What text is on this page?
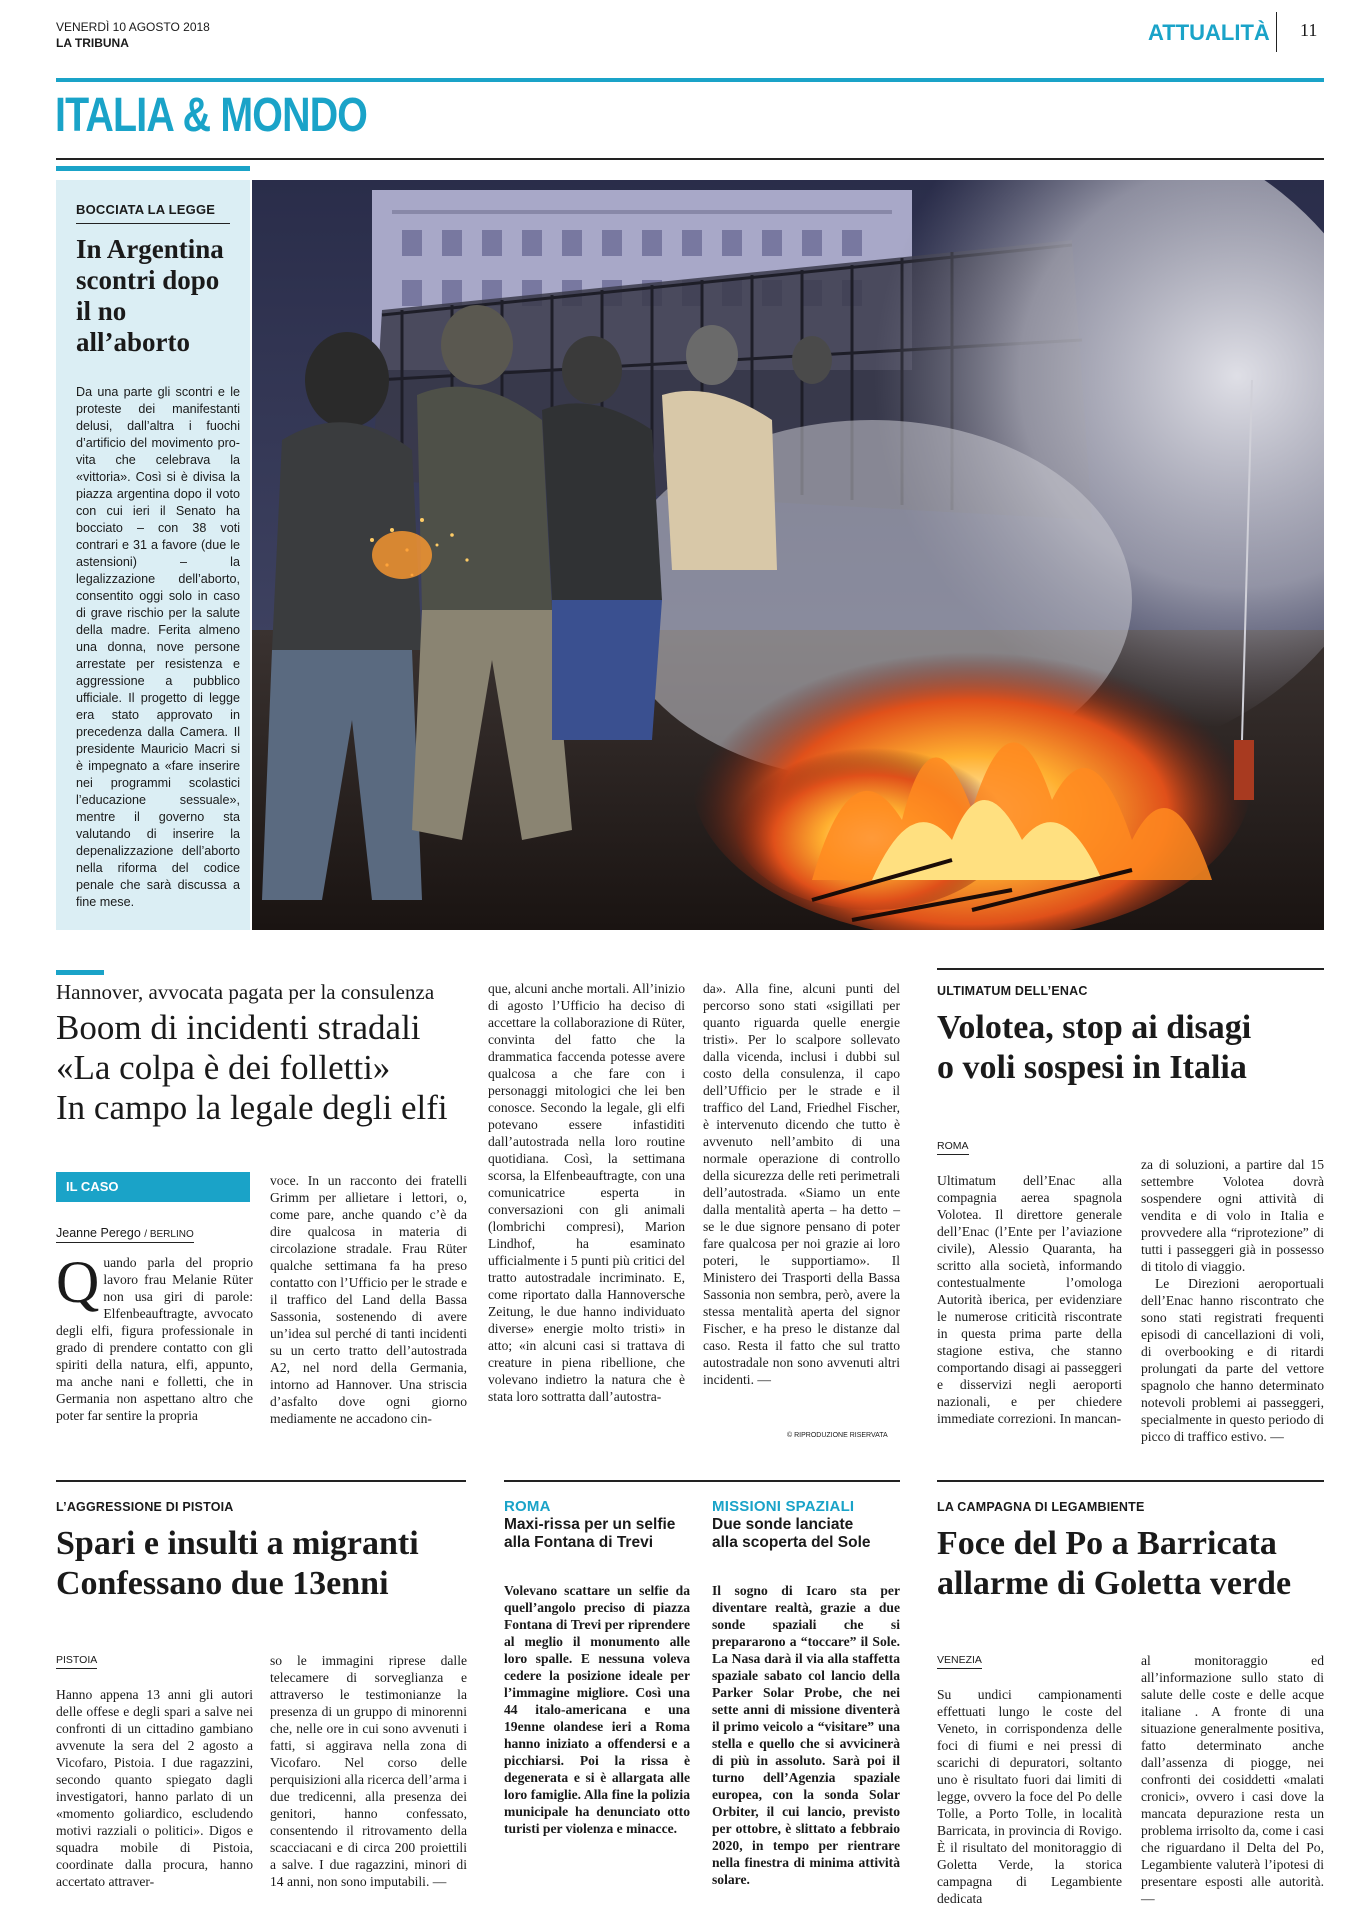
VENERDÌ 10 AGOSTO 2018
LA TRIBUNA	ATTUALITÀ 11
ITALIA & MONDO
BOCCIATA LA LEGGE
In Argentina scontri dopo il no all’aborto
Da una parte gli scontri e le proteste dei manifestanti delusi, dall’altra i fuochi d’artificio del movimento pro-vita che celebrava la «vittoria». Così si è divisa la piazza argentina dopo il voto con cui ieri il Senato ha bocciato – con 38 voti contrari e 31 a favore (due le astensioni) – la legalizzazione dell’aborto, consentito oggi solo in caso di grave rischio per la salute della madre. Ferita almeno una donna, nove persone arrestate per resistenza e aggressione a pubblico ufficiale. Il progetto di legge era stato approvato in precedenza dalla Camera. Il presidente Mauricio Macri si è impegnato a «fare inserire nei programmi scolastici l’educazione sessuale», mentre il governo sta valutando di inserire la depenalizzazione dell’aborto nella riforma del codice penale che sarà discussa a fine mese.
Hannover, avvocata pagata per la consulenza
Boom di incidenti stradali
«La colpa è dei folletti»
In campo la legale degli elfi
IL CASO
Jeanne Perego / BERLINO
Q uando parla del proprio lavoro frau Melanie Rüter non usa giri di parole: Elfenbeauftragte, avvocato degli elfi, figura professionale in grado di prendere contatto con gli spiriti della natura, elfi, appunto, ma anche nani e folletti, che in Germania non aspettano altro che poter far sentire la propria
voce. In un racconto dei fratelli Grimm per allietare i lettori, o, come pare, anche quando c’è da dire qualcosa in materia di circolazione stradale. Frau Rüter qualche settimana fa ha preso contatto con l’Ufficio per le strade e il traffico del Land della Bassa Sassonia, sostenendo di avere un’idea sul perché di tanti incidenti su un certo tratto dell’autostrada A2, nel nord della Germania, intorno ad Hannover. Una striscia d’asfalto dove ogni giorno mediamente ne accadono cin-
que, alcuni anche mortali. All’inizio di agosto l’Ufficio ha deciso di accettare la collaborazione di Rüter, convinta del fatto che la drammatica faccenda potesse avere qualcosa a che fare con i personaggi mitologici che lei ben conosce. Secondo la legale, gli elfi potevano essere infastiditi dall’autostrada nella loro routine quotidiana. Così, la settimana scorsa, la Elfenbeauftragte, con una comunicatrice esperta in conversazioni con gli animali (lombrichi compresi), Marion Lindhof, ha esaminato ufficialmente i 5 punti più critici del tratto autostradale incriminato. E, come riportato dalla Hannoversche Zeitung, le due hanno individuato diverse» energie molto tristi» in atto; «in alcuni casi si trattava di creature in piena ribellione, che volevano indietro la natura che è stata loro sottratta dall’autostra-
da». Alla fine, alcuni punti del percorso sono stati «sigillati per quanto riguarda quelle energie tristi». Per lo scalpore sollevato dalla vicenda, inclusi i dubbi sul costo della consulenza, il capo dell’Ufficio per le strade e il traffico del Land, Friedhel Fischer, è intervenuto dicendo che tutto è avvenuto nell’ambito di una normale operazione di controllo della sicurezza delle reti perimetrali dell’autostrada. «Siamo un ente dalla mentalità aperta – ha detto – se le due signore pensano di poter fare qualcosa per noi grazie ai loro poteri, le supportiamo». Il Ministero dei Trasporti della Bassa Sassonia non sembra, però, avere la stessa mentalità aperta del signor Fischer, e ha preso le distanze dal caso. Resta il fatto che sul tratto autostradale non sono avvenuti altri incidenti. —
© RIPRODUZIONE RISERVATA
ULTIMATUM DELL’ENAC
Volotea, stop ai disagi
o voli sospesi in Italia
ROMA
Ultimatum dell’Enac alla compagnia aerea spagnola Volotea. Il direttore generale dell’Enac (l’Ente per l’aviazione civile), Alessio Quaranta, ha scritto alla società, informando contestualmente l’omologa Autorità iberica, per evidenziare le numerose criticità riscontrate in questa prima parte della stagione estiva, che stanno comportando disagi ai passeggeri e disservizi negli aeroporti nazionali, e per chiedere immediate correzioni. In mancan-
za di soluzioni, a partire dal 15 settembre Volotea dovrà sospendere ogni attività di vendita e di volo in Italia e provvedere alla “riprotezione” di tutti i passeggeri già in possesso di titolo di viaggio.
Le Direzioni aeroportuali dell’Enac hanno riscontrato che sono stati registrati frequenti episodi di cancellazioni di voli, di overbooking e di ritardi prolungati da parte del vettore spagnolo che hanno determinato notevoli problemi ai passeggeri, specialmente in questo periodo di picco di traffico estivo. —
L’AGGRESSIONE DI PISTOIA
Spari e insulti a migranti
Confessano due 13enni
PISTOIA
Hanno appena 13 anni gli autori delle offese e degli spari a salve nei confronti di un cittadino gambiano avvenute la sera del 2 agosto a Vicofaro, Pistoia. I due ragazzini, secondo quanto spiegato dagli investigatori, hanno parlato di un «momento goliardico, escludendo motivi razziali o politici». Digos e squadra mobile di Pistoia, coordinate dalla procura, hanno accertato attraver-
so le immagini riprese dalle telecamere di sorveglianza e attraverso le testimonianze la presenza di un gruppo di minorenni che, nelle ore in cui sono avvenuti i fatti, si aggirava nella zona di Vicofaro. Nel corso delle perquisizioni alla ricerca dell’arma i due tredicenni, alla presenza dei genitori, hanno confessato, consentendo il ritrovamento della scacciacani e di circa 200 proiettili a salve. I due ragazzini, minori di 14 anni, non sono imputabili. —
ROMA
Maxi-rissa per un selfie
alla Fontana di Trevi
Volevano scattare un selfie da quell’angolo preciso di piazza Fontana di Trevi per riprendere al meglio il monumento alle loro spalle. E nessuna voleva cedere la posizione ideale per l’immagine migliore. Così una 44 italo-americana e una 19enne olandese ieri a Roma hanno iniziato a offendersi e a picchiarsi. Poi la rissa è degenerata e si è allargata alle loro famiglie. Alla fine la polizia municipale ha denunciato otto turisti per violenza e minacce.
MISSIONI SPAZIALI
Due sonde lanciate
alla scoperta del Sole
Il sogno di Icaro sta per diventare realtà, grazie a due sonde spaziali che si prepararono a “toccare” il Sole. La Nasa darà il via alla staffetta spaziale sabato col lancio della Parker Solar Probe, che nei sette anni di missione diventerà il primo veicolo a “visitare” una stella e quello che si avvicinerà di più in assoluto. Sarà poi il turno dell’Agenzia spaziale europea, con la sonda Solar Orbiter, il cui lancio, previsto per ottobre, è slittato a febbraio 2020, in tempo per rientrare nella finestra di minima attività solare.
LA CAMPAGNA DI LEGAMBIENTE
Foce del Po a Barricata
allarme di Goletta verde
VENEZIA
Su undici campionamenti effettuati lungo le coste del Veneto, in corrispondenza delle foci di fiumi e nei pressi di scarichi di depuratori, soltanto uno è risultato fuori dai limiti di legge, ovvero la foce del Po delle Tolle, a Porto Tolle, in località Barricata, in provincia di Rovigo. È il risultato del monitoraggio di Goletta Verde, la storica campagna di Legambiente dedicata
al monitoraggio ed all’informazione sullo stato di salute delle coste e delle acque italiane . A fronte di una situazione generalmente positiva, fatto determinato anche dall’assenza di piogge, nei confronti dei cosiddetti «malati cronici», ovvero i casi dove la mancata depurazione resta un problema irrisolto da, come i casi che riguardano il Delta del Po, Legambiente valuterà l’ipotesi di presentare esposti alle autorità. —
